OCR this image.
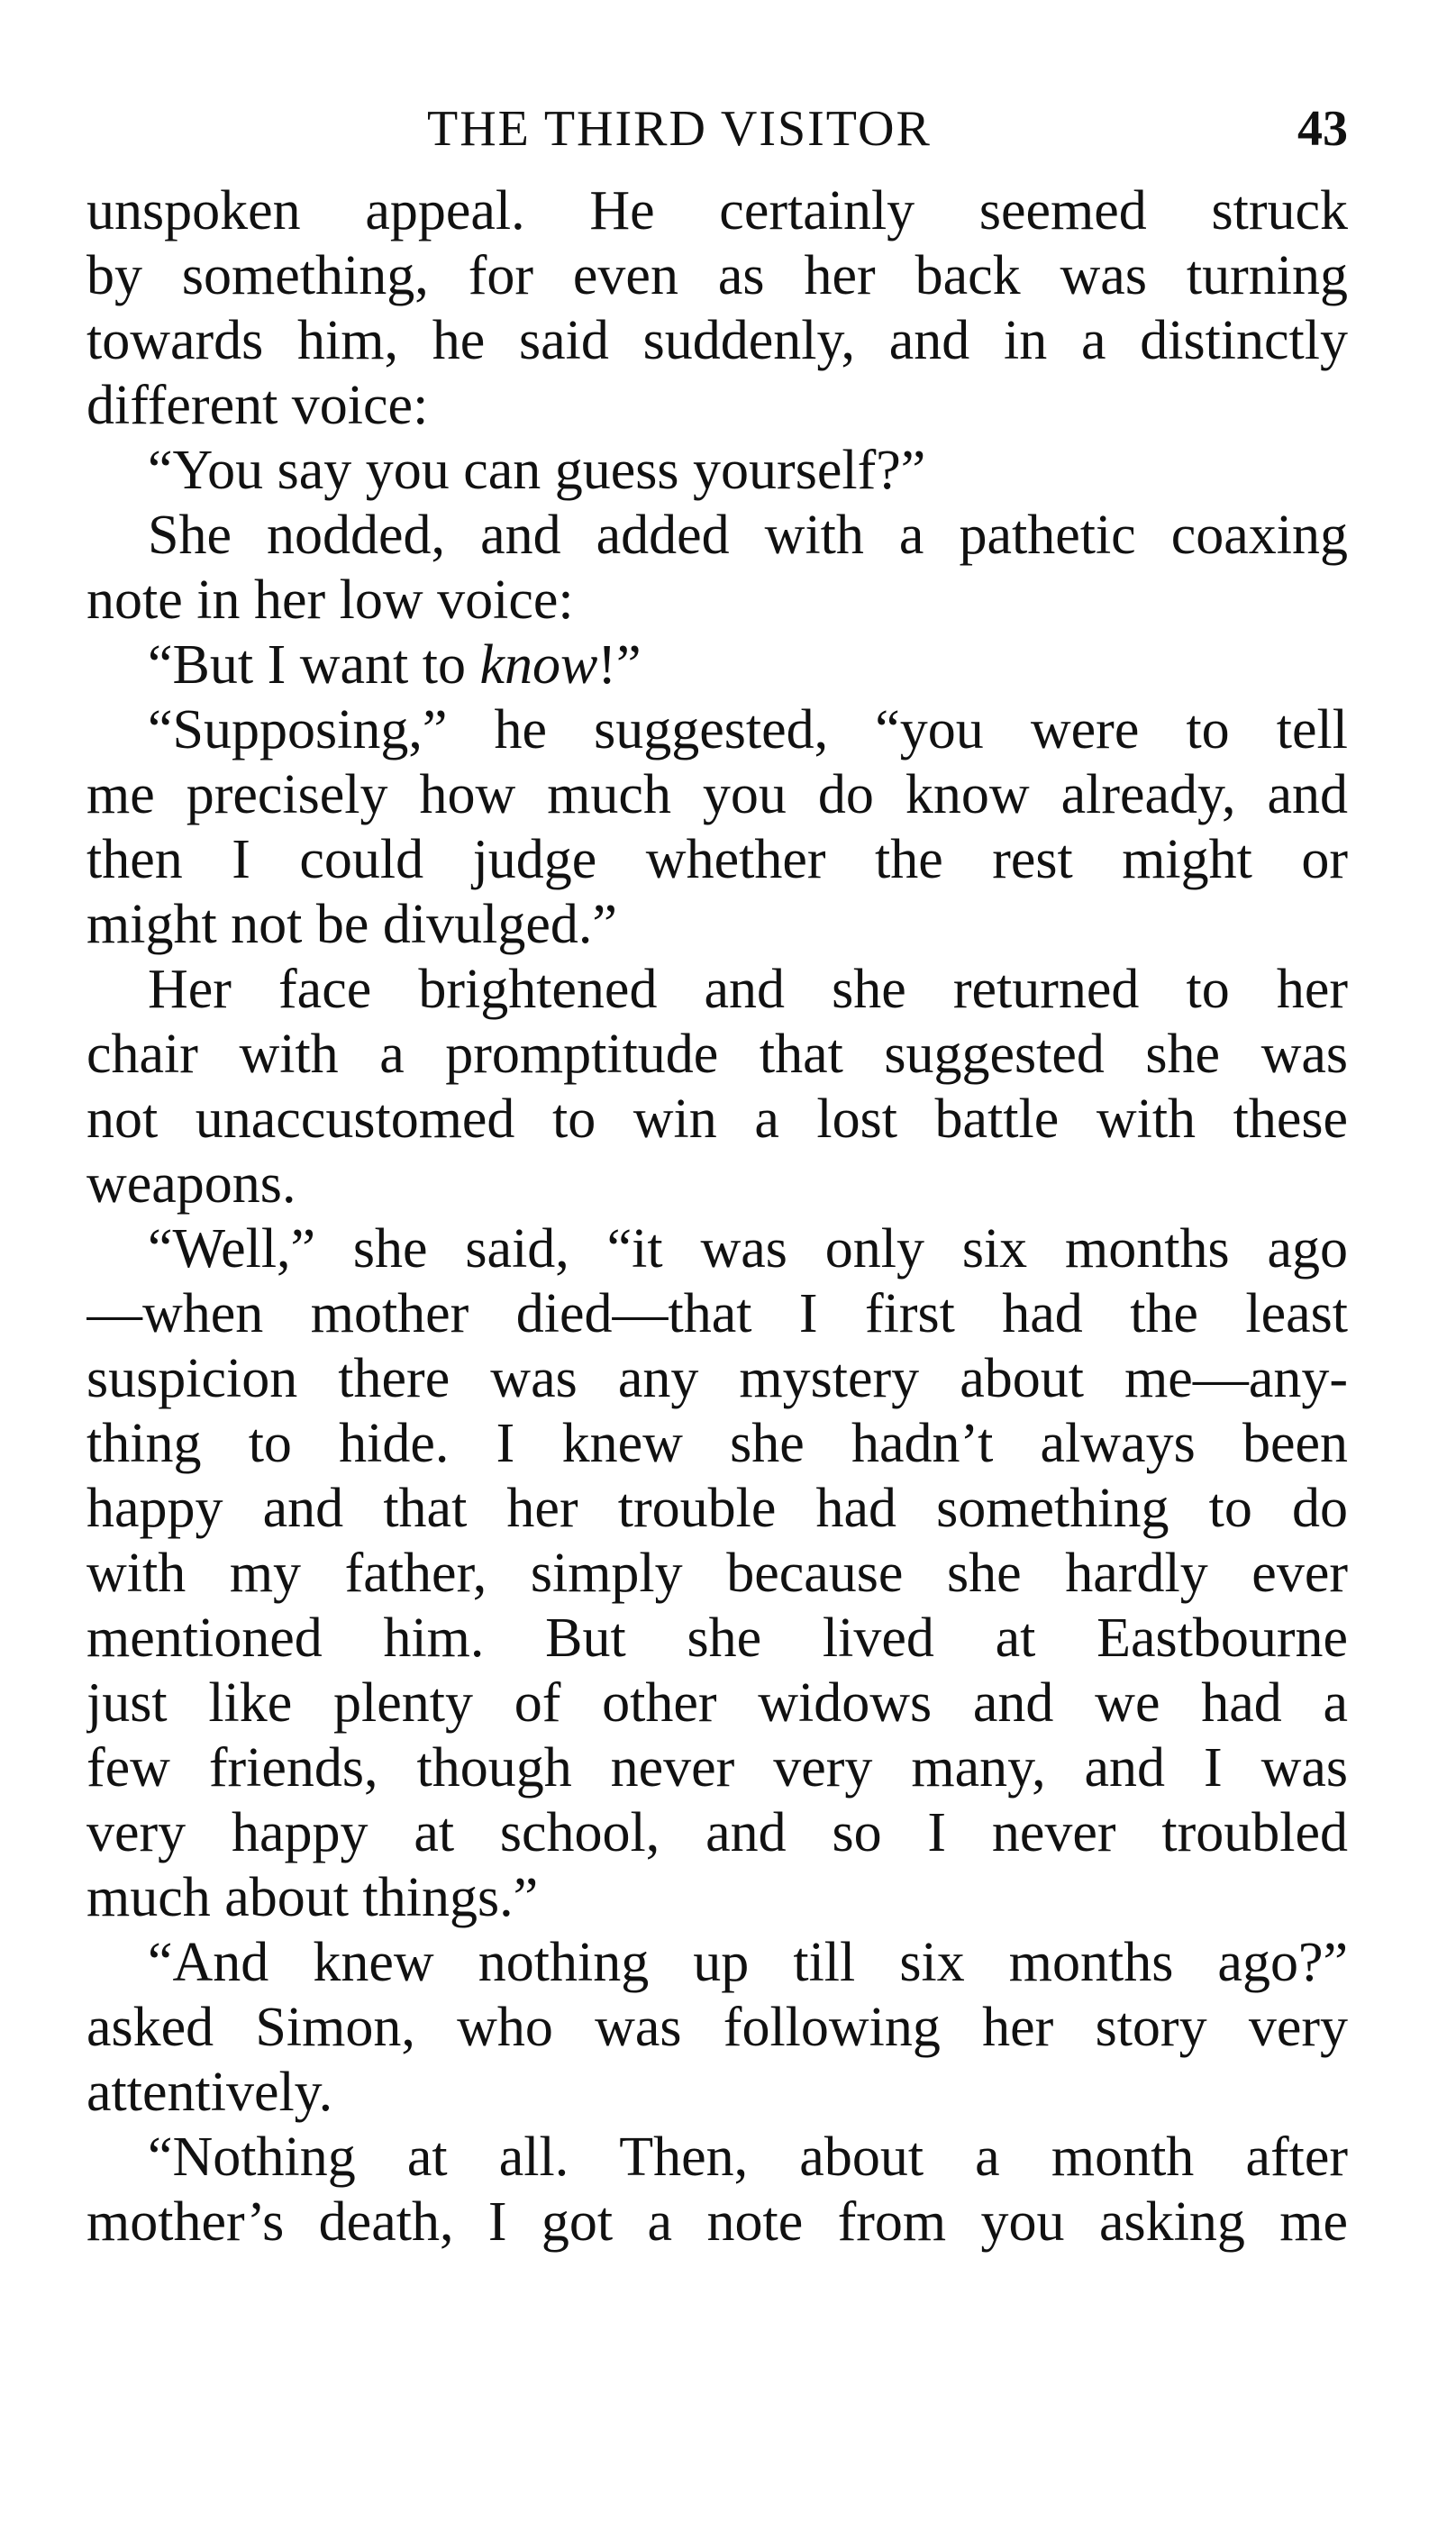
THE THIRD VISITOR	43
unspoken appeal. He certainly seemed struck
by something, for even as her back was turning
towards him, he said suddenly, and in a distinctly
different voice:
“You say you can guess yourself?”
She nodded, and added with a pathetic coaxing
note in her low voice:
“But I want to know!”
“Supposing,” he suggested, “you were to tell
me precisely how much you do know already, and
then I could judge whether the rest might or
might not be divulged.”
Her face brightened and she returned to her
chair with a promptitude that suggested she was
not unaccustomed to win a lost battle with these
weapons.
“Well,” she said, “it was only six months ago
—when mother died—that I first had the least
suspicion there was any mystery about me—any-
thing to hide. I knew she hadn’t always been
happy and that her trouble had something to do
with my father, simply because she hardly ever
mentioned him. But she lived at Eastbourne
just like plenty of other widows and we had a
few friends, though never very many, and I was
very happy at school, and so I never troubled
much about things.”
“And knew nothing up till six months ago?”
asked Simon, who was following her story very
attentively.
“Nothing at all. Then, about a month after
mother’s death, I got a note from you asking me
